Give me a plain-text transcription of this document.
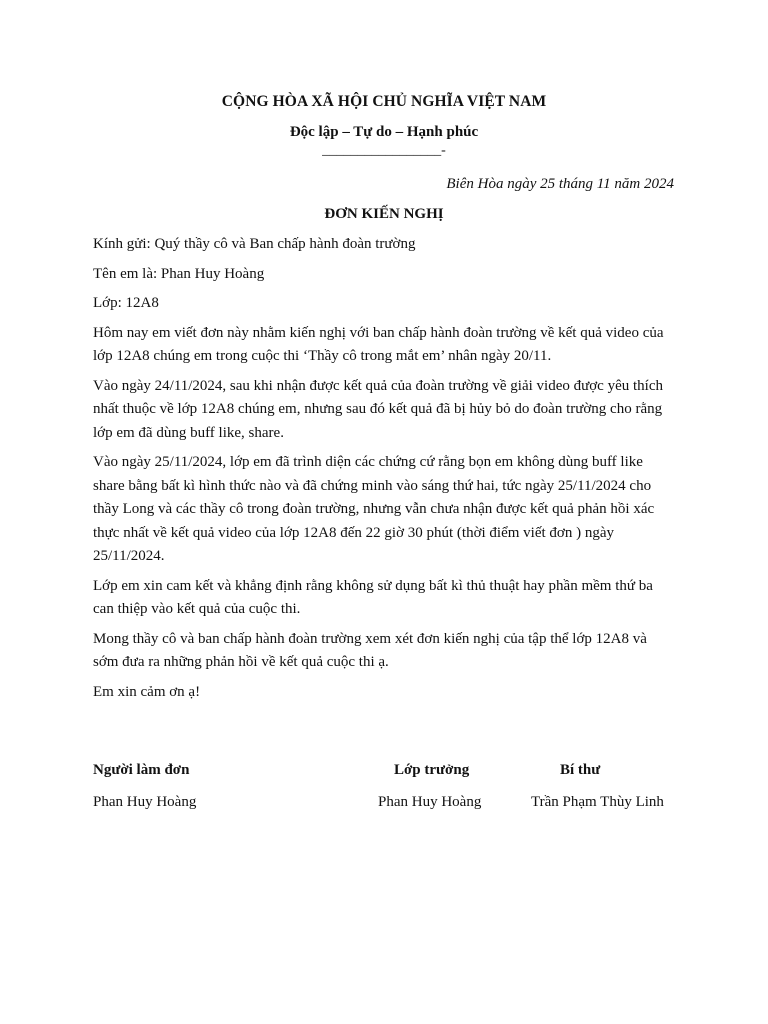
CỘNG HÒA XÃ HỘI CHỦ NGHĨA VIỆT NAM
Độc lập – Tự do – Hạnh phúc
_________________-
Biên Hòa ngày 25 tháng 11 năm 2024
ĐƠN KIẾN NGHỊ

Kính gửi: Quý thầy cô và Ban chấp hành đoàn trường

Tên em là: Phan Huy Hoàng

Lớp: 12A8

Hôm nay em viết đơn này nhằm kiến nghị với ban chấp hành đoàn trường về kết quả video của lớp 12A8 chúng em trong cuộc thi ‘Thầy cô trong mắt em’ nhân ngày 20/11.

Vào ngày 24/11/2024, sau khi nhận được kết quả của đoàn trường về giải video được yêu thích nhất thuộc về lớp 12A8 chúng em, nhưng sau đó kết quả đã bị hủy bỏ do đoàn trường cho rằng lớp em đã dùng buff like, share.

Vào ngày 25/11/2024, lớp em đã trình diện các chứng cứ rằng bọn em không dùng buff like share bằng bất kì hình thức nào và đã chứng minh vào sáng thứ hai, tức ngày 25/11/2024 cho thầy Long và các thầy cô trong đoàn trường, nhưng vẫn chưa nhận được kết quả phản hồi xác thực nhất về kết quả video của lớp 12A8 đến 22 giờ 30 phút (thời điểm viết đơn ) ngày 25/11/2024.

Lớp em xin cam kết và khẳng định rằng không sử dụng bất kì thủ thuật hay phần mềm thứ ba can thiệp vào kết quả của cuộc thi.

Mong thầy cô và ban chấp hành đoàn trường xem xét đơn kiến nghị của tập thể lớp 12A8 và sớm đưa ra những phản hồi về kết quả cuộc thi ạ.

Em xin cảm ơn ạ!

Người làm đơn	Lớp trưởng	Bí thư
Phan Huy Hoàng	Phan Huy Hoàng	Trần Phạm Thùy Linh
